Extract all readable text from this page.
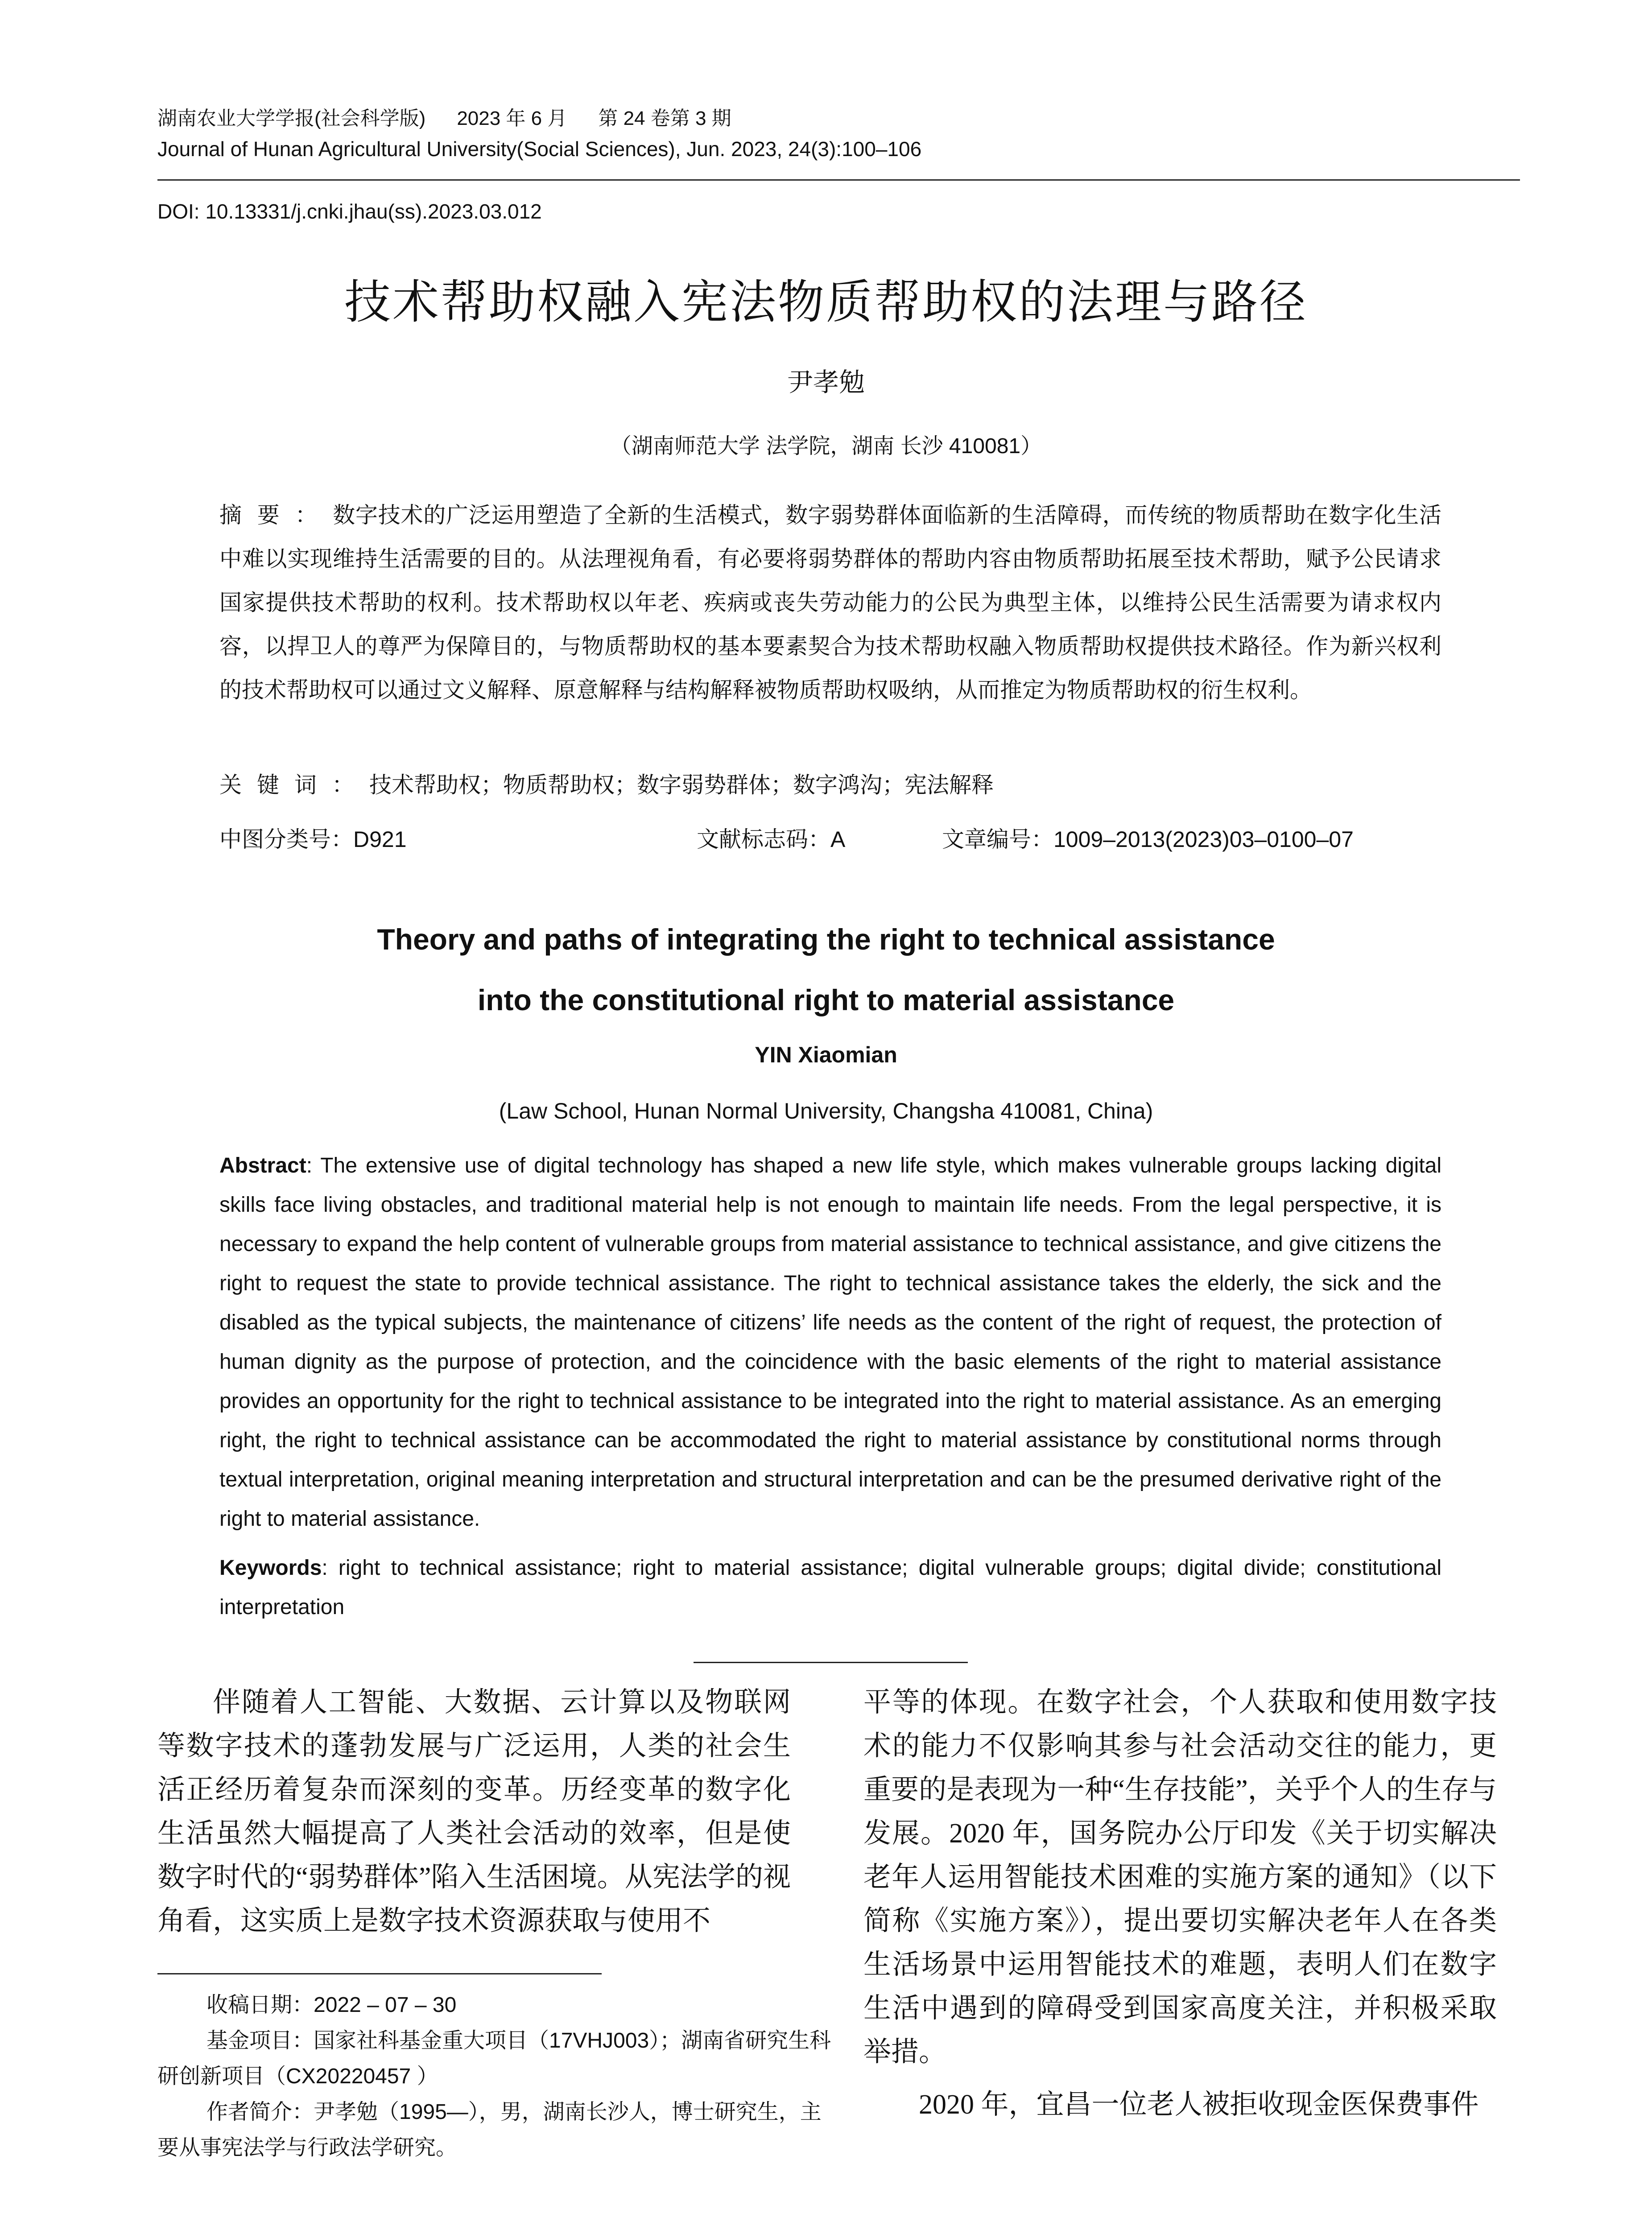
湖南农业大学学报(社会科学版) 2023 年 6 月 第 24 卷第 3 期
Journal of Hunan Agricultural University(Social Sciences), Jun. 2023, 24(3):100–106
DOI: 10.13331/j.cnki.jhau(ss).2023.03.012
技术帮助权融入宪法物质帮助权的法理与路径
尹孝勉
（湖南师范大学 法学院，湖南 长沙 410081）
摘要：数字技术的广泛运用塑造了全新的生活模式，数字弱势群体面临新的生活障碍，而传统的物质帮助在数字化生活中难以实现维持生活需要的目的。从法理视角看，有必要将弱势群体的帮助内容由物质帮助拓展至技术帮助，赋予公民请求国家提供技术帮助的权利。技术帮助权以年老、疾病或丧失劳动能力的公民为典型主体，以维持公民生活需要为请求权内容，以捍卫人的尊严为保障目的，与物质帮助权的基本要素契合为技术帮助权融入物质帮助权提供技术路径。作为新兴权利的技术帮助权可以通过文义解释、原意解释与结构解释被物质帮助权吸纳，从而推定为物质帮助权的衍生权利。
关键词：技术帮助权；物质帮助权；数字弱势群体；数字鸿沟；宪法解释
中图分类号：D921	文献标志码：A	文章编号：1009–2013(2023)03–0100–07
Theory and paths of integrating the right to technical assistance
into the constitutional right to material assistance
YIN Xiaomian
(Law School, Hunan Normal University, Changsha 410081, China)
Abstract: The extensive use of digital technology has shaped a new life style, which makes vulnerable groups lacking digital skills face living obstacles, and traditional material help is not enough to maintain life needs. From the legal perspective, it is necessary to expand the help content of vulnerable groups from material assistance to technical assistance, and give citizens the right to request the state to provide technical assistance. The right to technical assistance takes the elderly, the sick and the disabled as the typical subjects, the maintenance of citizens’ life needs as the content of the right of request, the protection of human dignity as the purpose of protection, and the coincidence with the basic elements of the right to material assistance provides an opportunity for the right to technical assistance to be integrated into the right to material assistance. As an emerging right, the right to technical assistance can be accommodated the right to material assistance by constitutional norms through textual interpretation, original meaning interpretation and structural interpretation and can be the presumed derivative right of the right to material assistance.
Keywords: right to technical assistance; right to material assistance; digital vulnerable groups; digital divide; constitutional interpretation

伴随着人工智能、大数据、云计算以及物联网等数字技术的蓬勃发展与广泛运用，人类的社会生活正经历着复杂而深刻的变革。历经变革的数字化生活虽然大幅提高了人类社会活动的效率，但是使数字时代的“弱势群体”陷入生活困境。从宪法学的视角看，这实质上是数字技术资源获取与使用不

平等的体现。在数字社会，个人获取和使用数字技术的能力不仅影响其参与社会活动交往的能力，更重要的是表现为一种“生存技能”，关乎个人的生存与发展。2020 年，国务院办公厅印发《关于切实解决老年人运用智能技术困难的实施方案的通知》（以下简称《实施方案》），提出要切实解决老年人在各类生活场景中运用智能技术的难题，表明人们在数字生活中遇到的障碍受到国家高度关注，并积极采取举措。

2020 年，宜昌一位老人被拒收现金医保费事件

收稿日期：2022 – 07 – 30

基金项目：国家社科基金重大项目（17VHJ003）；湖南省研究生科研创新项目（CX20220457 ）

作者简介：尹孝勉（1995—），男，湖南长沙人，博士研究生，主要从事宪法学与行政法学研究。
